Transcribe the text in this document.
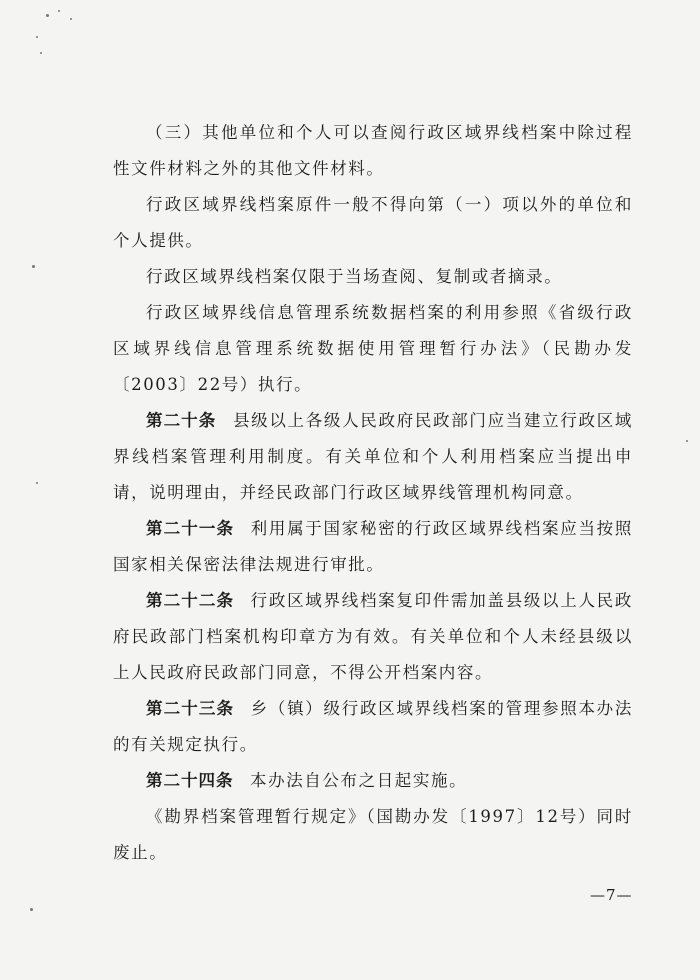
（三）其他单位和个人可以查阅行政区域界线档案中除过程性文件材料之外的其他文件材料。

行政区域界线档案原件一般不得向第（一）项以外的单位和个人提供。

行政区域界线档案仅限于当场查阅、复制或者摘录。

行政区域界线信息管理系统数据档案的利用参照《省级行政区域界线信息管理系统数据使用管理暂行办法》（民勘办发〔2003〕22号）执行。

第二十条 县级以上各级人民政府民政部门应当建立行政区域界线档案管理利用制度。有关单位和个人利用档案应当提出申请，说明理由，并经民政部门行政区域界线管理机构同意。

第二十一条 利用属于国家秘密的行政区域界线档案应当按照国家相关保密法律法规进行审批。

第二十二条 行政区域界线档案复印件需加盖县级以上人民政府民政部门档案机构印章方为有效。有关单位和个人未经县级以上人民政府民政部门同意，不得公开档案内容。

第二十三条 乡（镇）级行政区域界线档案的管理参照本办法的有关规定执行。

第二十四条 本办法自公布之日起实施。

《勘界档案管理暂行规定》（国勘办发〔1997〕12号）同时废止。

—7—
